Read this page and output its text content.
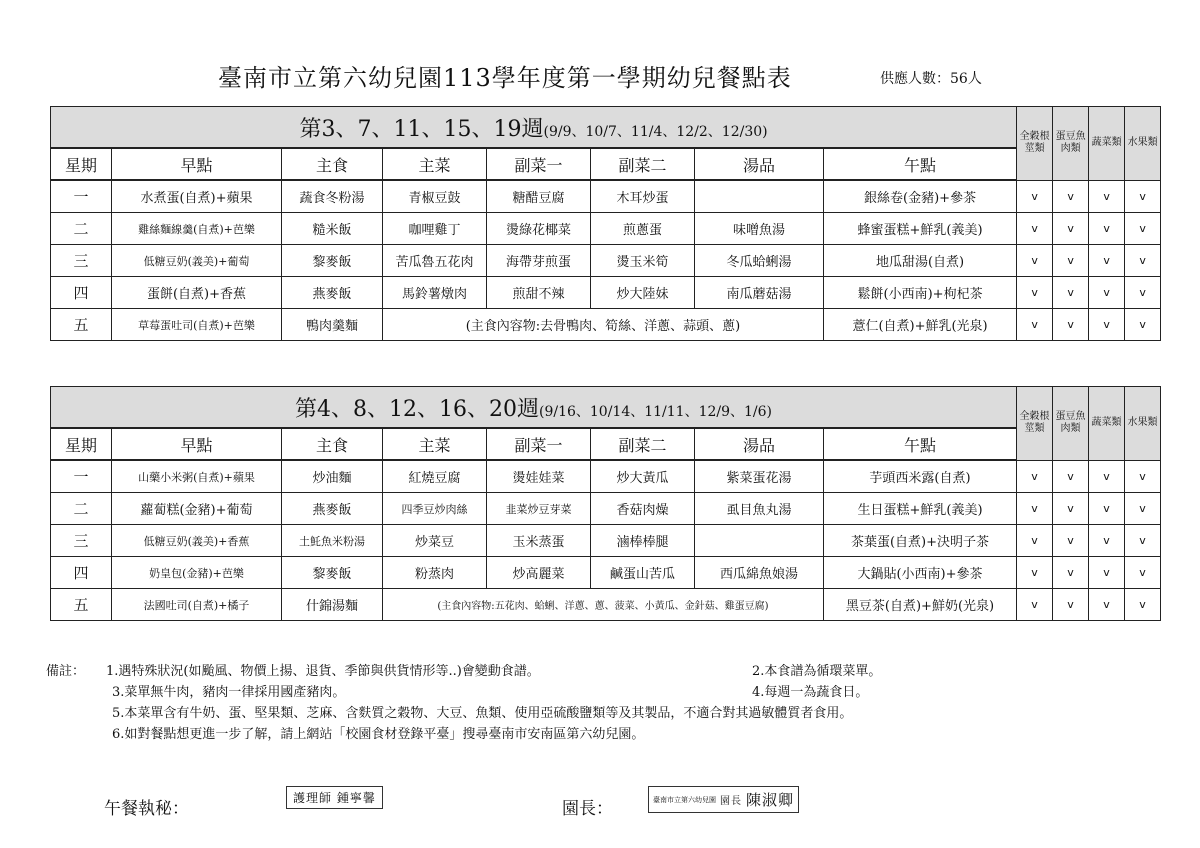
臺南市立第六幼兒園113學年度第一學期幼兒餐點表	供應人數：56人
第3、7、11、15、19週(9/9、10/7、11/4、12/2、12/30)								全穀根莖類	蛋豆魚肉類	蔬菜類	水果類
星期	早點	主食	主菜	副菜一	副菜二	湯品	午點				
一	水煮蛋(自煮)+蘋果	蔬食冬粉湯	青椒豆鼓	糖醋豆腐	木耳炒蛋		銀絲卷(金豬)+參茶	v	v	v	v
二	雞絲麵線羹(自煮)+芭樂	糙米飯	咖哩雞丁	燙綠花椰菜	煎蔥蛋	味噌魚湯	蜂蜜蛋糕+鮮乳(義美)	v	v	v	v
三	低糖豆奶(義美)+葡萄	黎麥飯	苦瓜魯五花肉	海帶芽煎蛋	燙玉米筍	冬瓜蛤蜊湯	地瓜甜湯(自煮)	v	v	v	v
四	蛋餅(自煮)+香蕉	燕麥飯	馬鈴薯燉肉	煎甜不辣	炒大陸妹	南瓜蘑菇湯	鬆餅(小西南)+枸杞茶	v	v	v	v
五	草莓蛋吐司(自煮)+芭樂	鴨肉羹麵	(主食內容物:去骨鴨肉、筍絲、洋蔥、蒜頭、蔥)				薏仁(自煮)+鮮乳(光泉)	v	v	v	v
第4、8、12、16、20週(9/16、10/14、11/11、12/9、1/6)								全穀根莖類	蛋豆魚肉類	蔬菜類	水果類
星期	早點	主食	主菜	副菜一	副菜二	湯品	午點				
一	山藥小米粥(自煮)+蘋果	炒油麵	紅燒豆腐	燙娃娃菜	炒大黃瓜	紫菜蛋花湯	芋頭西米露(自煮)	v	v	v	v
二	蘿蔔糕(金豬)+葡萄	燕麥飯	四季豆炒肉絲	韭菜炒豆芽菜	香菇肉燥	虱目魚丸湯	生日蛋糕+鮮乳(義美)	v	v	v	v
三	低糖豆奶(義美)+香蕉	土魠魚米粉湯	炒菜豆	玉米蒸蛋	滷棒棒腿		茶葉蛋(自煮)+決明子茶	v	v	v	v
四	奶皇包(金豬)+芭樂	黎麥飯	粉蒸肉	炒高麗菜	鹹蛋山苦瓜	西瓜綿魚娘湯	大鍋貼(小西南)+參茶	v	v	v	v
五	法國吐司(自煮)+橘子	什錦湯麵	(主食內容物:五花肉、蛤蜊、洋蔥、蔥、菠菜、小黃瓜、金針菇、雞蛋豆腐)				黑豆茶(自煮)+鮮奶(光泉)	v	v	v	v
備註： 1.遇特殊狀況(如颱風、物價上揚、退貨、季節與供貨情形等..)會變動食譜。	2.本食譜為循環菜單。
3.菜單無牛肉，豬肉一律採用國產豬肉。	4.每週一為蔬食日。
5.本菜單含有牛奶、蛋、堅果類、芝麻、含麩質之穀物、大豆、魚類、使用亞硫酸鹽類等及其製品，不適合對其過敏體質者食用。
6.如對餐點想更進一步了解，請上網站「校園食材登錄平臺」搜尋臺南市安南區第六幼兒園。
午餐執秘：
護理師 鍾寧馨
園長：	臺南市立第六幼兒園 園長 陳淑卿
